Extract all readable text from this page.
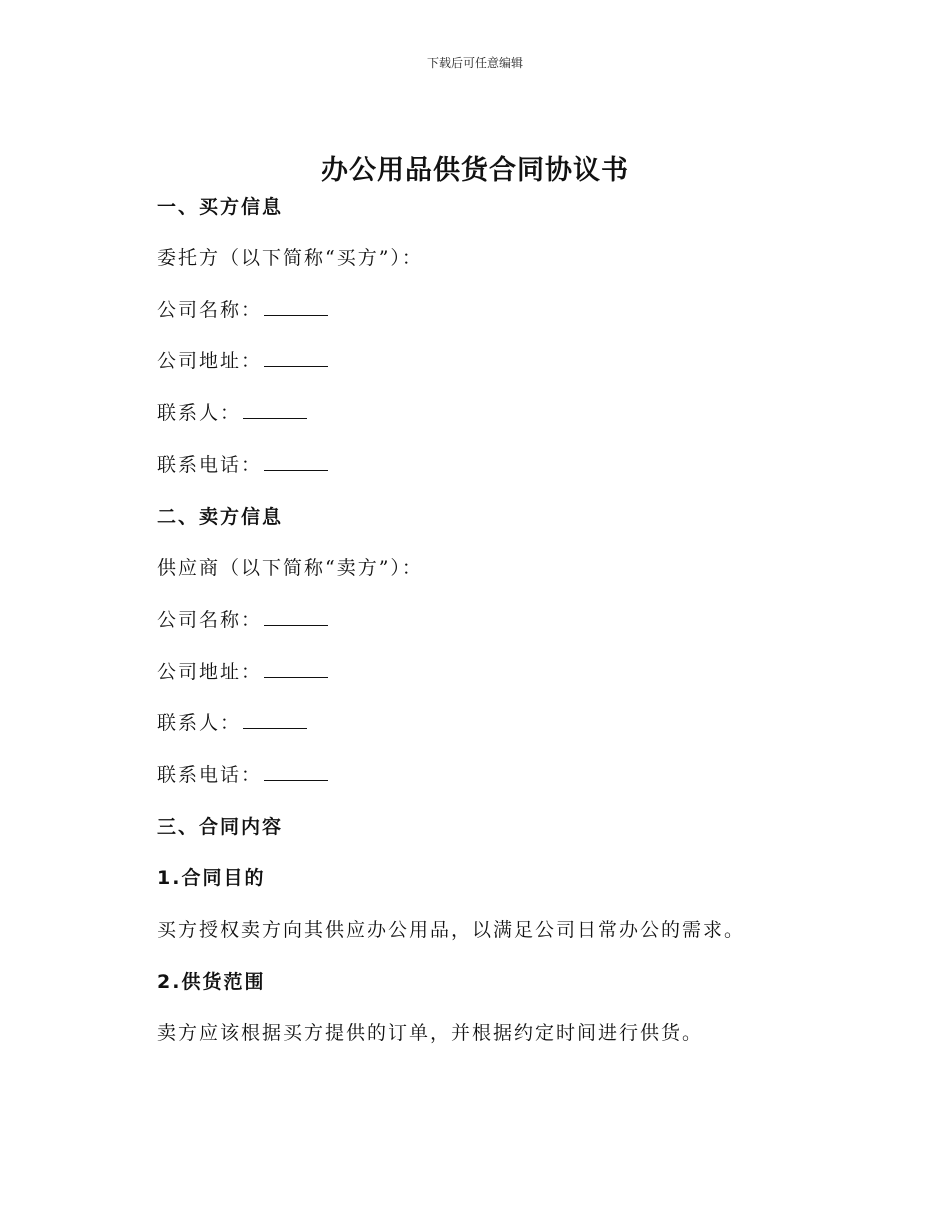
下载后可任意编辑
办公用品供货合同协议书
一、买方信息
委托方（以下简称“买方”）：
公司名称：
公司地址：
联系人：
联系电话：
二、卖方信息
供应商（以下简称“卖方”）：
公司名称：
公司地址：
联系人：
联系电话：
三、合同内容
1.合同目的
买方授权卖方向其供应办公用品，以满足公司日常办公的需求。
2.供货范围
卖方应该根据买方提供的订单，并根据约定时间进行供货。
